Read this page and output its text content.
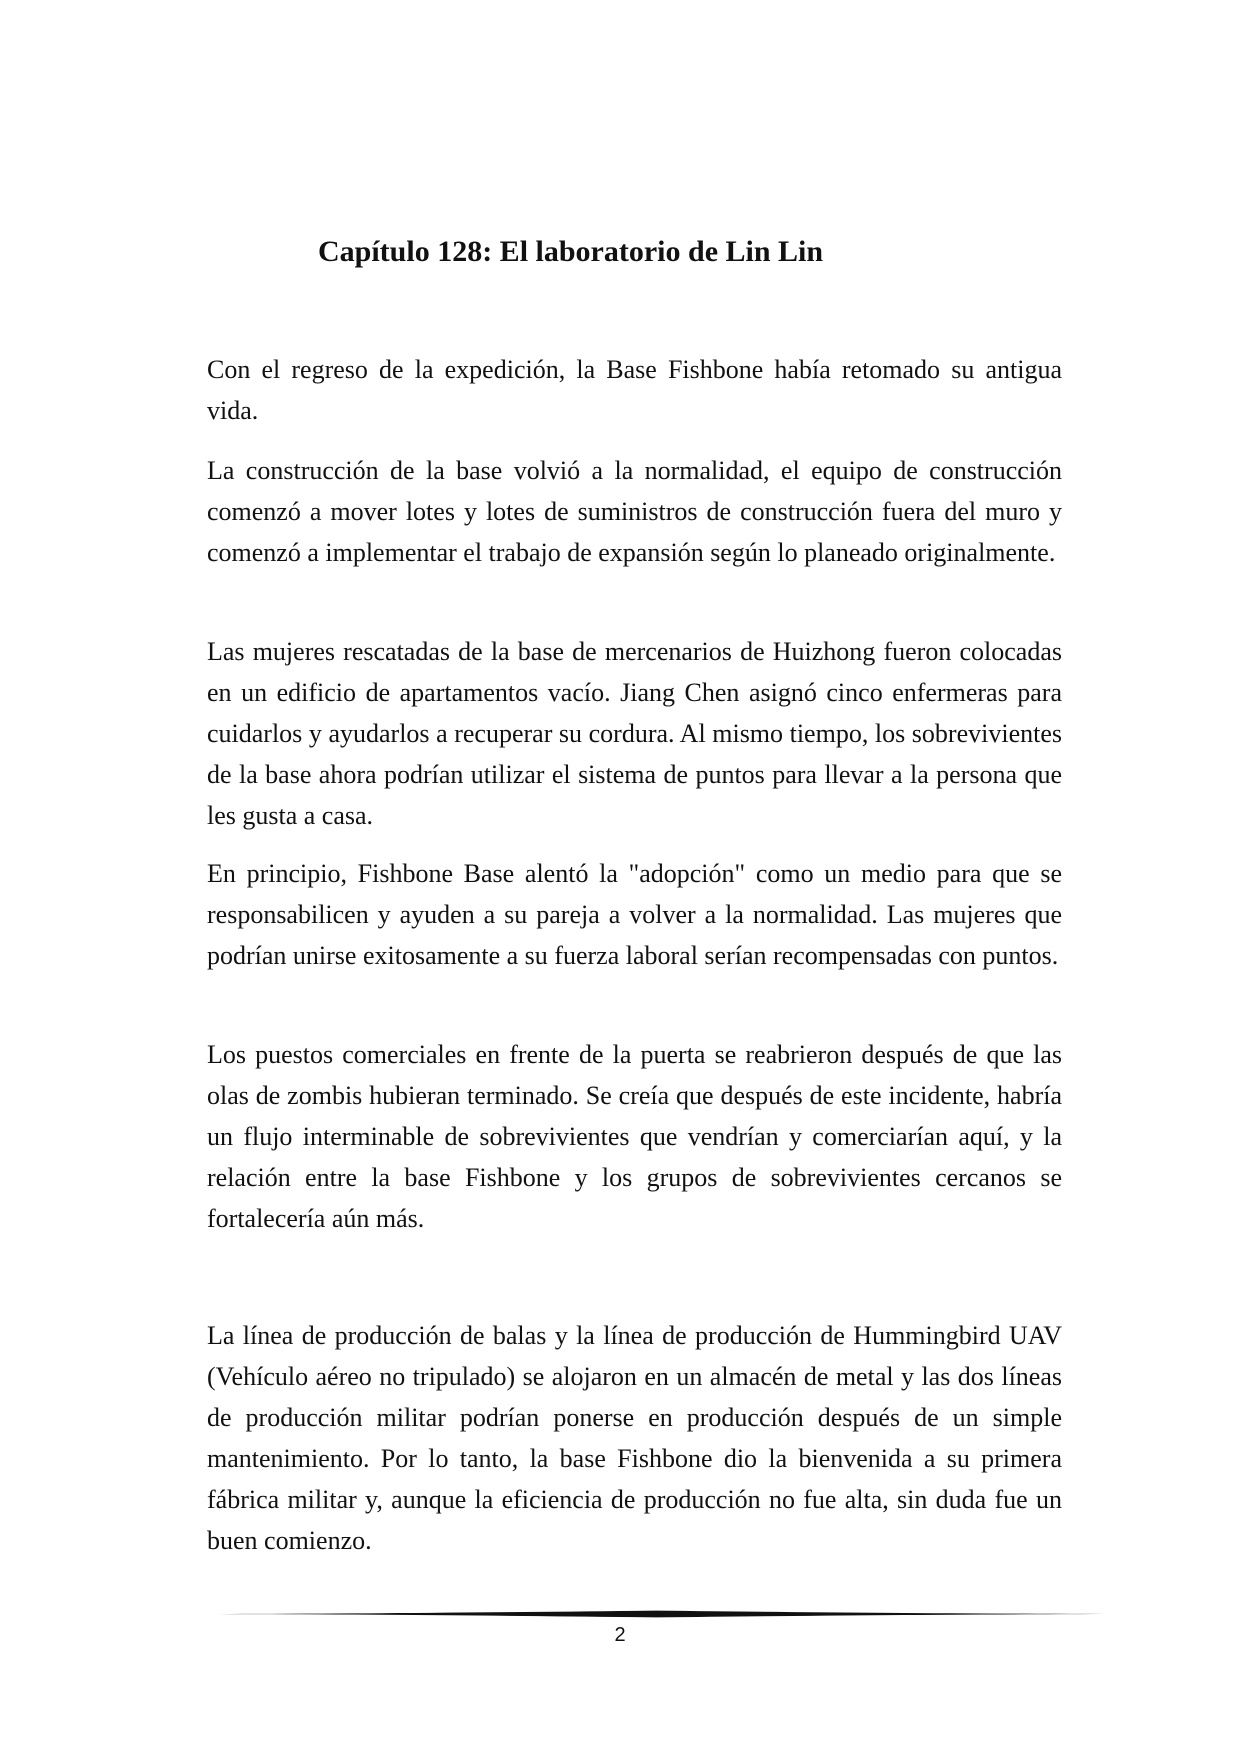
Capítulo 128: El laboratorio de Lin Lin

Con el regreso de la expedición, la Base Fishbone había retomado su antigua vida.

La construcción de la base volvió a la normalidad, el equipo de construcción comenzó a mover lotes y lotes de suministros de construcción fuera del muro y comenzó a implementar el trabajo de expansión según lo planeado originalmente.

Las mujeres rescatadas de la base de mercenarios de Huizhong fueron colocadas en un edificio de apartamentos vacío. Jiang Chen asignó cinco enfermeras para cuidarlos y ayudarlos a recuperar su cordura. Al mismo tiempo, los sobrevivientes de la base ahora podrían utilizar el sistema de puntos para llevar a la persona que les gusta a casa.

En principio, Fishbone Base alentó la "adopción" como un medio para que se responsabilicen y ayuden a su pareja a volver a la normalidad. Las mujeres que podrían unirse exitosamente a su fuerza laboral serían recompensadas con puntos.

Los puestos comerciales en frente de la puerta se reabrieron después de que las olas de zombis hubieran terminado. Se creía que después de este incidente, habría un flujo interminable de sobrevivientes que vendrían y comerciarían aquí, y la relación entre la base Fishbone y los grupos de sobrevivientes cercanos se fortalecería aún más.

La línea de producción de balas y la línea de producción de Hummingbird UAV (Vehículo aéreo no tripulado) se alojaron en un almacén de metal y las dos líneas de producción militar podrían ponerse en producción después de un simple mantenimiento. Por lo tanto, la base Fishbone dio la bienvenida a su primera fábrica militar y, aunque la eficiencia de producción no fue alta, sin duda fue un buen comienzo.

2
